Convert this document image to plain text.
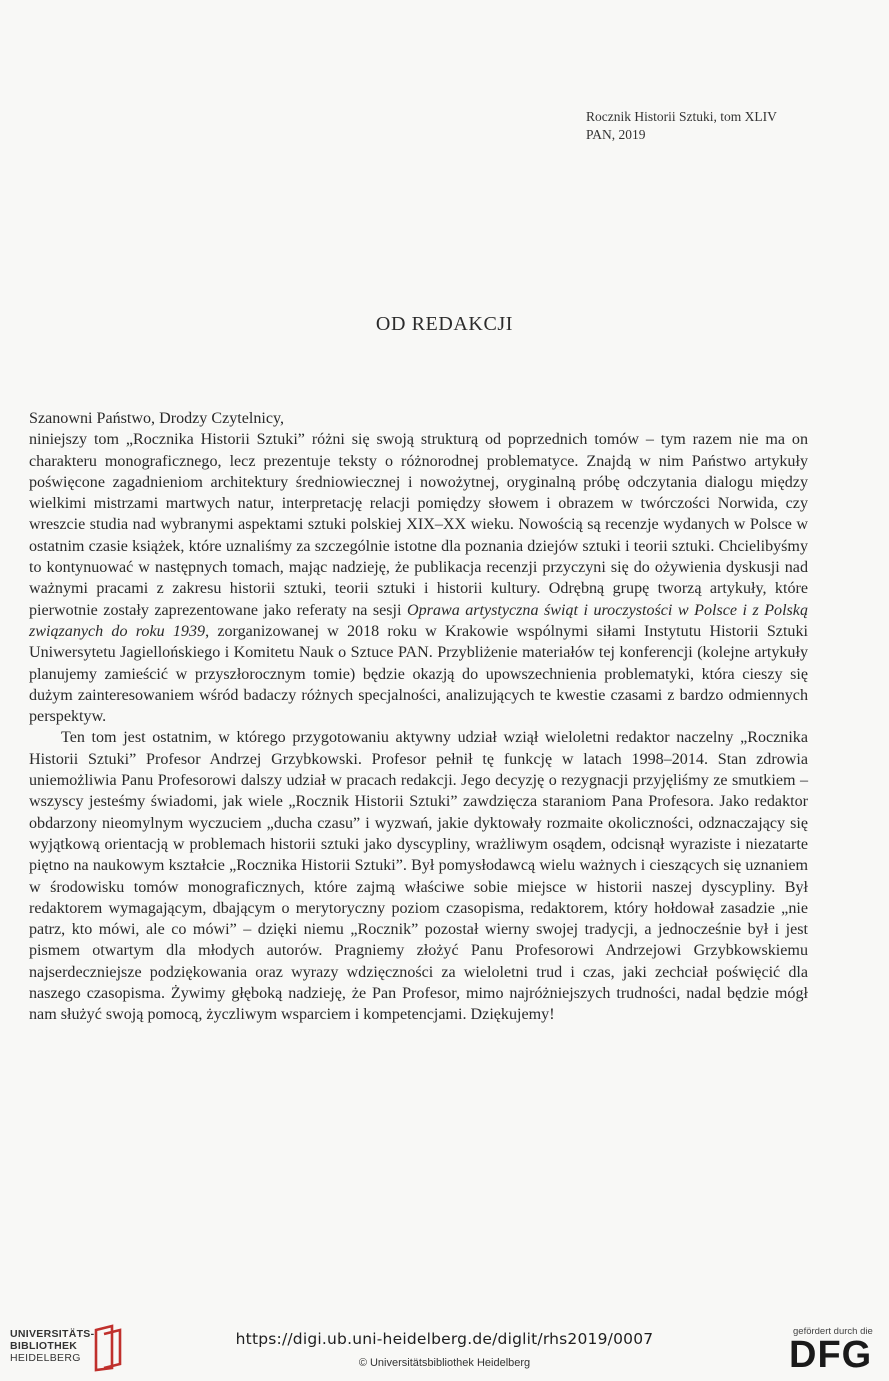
Rocznik Historii Sztuki, tom XLIV
PAN, 2019
OD REDAKCJI

Szanowni Państwo, Drodzy Czytelnicy,

niniejszy tom „Rocznika Historii Sztuki” różni się swoją strukturą od poprzednich tomów – tym razem nie ma on charakteru monograficznego, lecz prezentuje teksty o różnorodnej problematyce. Znajdą w nim Państwo artykuły poświęcone zagadnieniom architektury średniowiecznej i nowożytnej, oryginalną próbę odczytania dialogu między wielkimi mistrzami martwych natur, interpretację relacji pomiędzy słowem i obrazem w twórczości Norwida, czy wreszcie studia nad wybranymi aspektami sztuki polskiej XIX–XX wieku. Nowością są recenzje wydanych w Polsce w ostatnim czasie książek, które uznaliśmy za szczególnie istotne dla poznania dziejów sztuki i teorii sztuki. Chcielibyśmy to kontynuować w następnych tomach, mając nadzieję, że publikacja recenzji przyczyni się do ożywienia dyskusji nad ważnymi pracami z zakresu historii sztuki, teorii sztuki i historii kultury. Odrębną grupę tworzą artykuły, które pierwotnie zostały zaprezentowane jako referaty na sesji Oprawa artystyczna świąt i uroczystości w Polsce i z Polską związanych do roku 1939, zorganizowanej w 2018 roku w Krakowie wspólnymi siłami Instytutu Historii Sztuki Uniwersytetu Jagiellońskiego i Komitetu Nauk o Sztuce PAN. Przybliżenie materiałów tej konferencji (kolejne artykuły planujemy zamieścić w przyszłorocznym tomie) będzie okazją do upowszechnienia problematyki, która cieszy się dużym zainteresowaniem wśród badaczy różnych specjalności, analizujących te kwestie czasami z bardzo odmiennych perspektyw.

Ten tom jest ostatnim, w którego przygotowaniu aktywny udział wziął wieloletni redaktor naczelny „Rocznika Historii Sztuki” Profesor Andrzej Grzybkowski. Profesor pełnił tę funkcję w latach 1998–2014. Stan zdrowia uniemożliwia Panu Profesorowi dalszy udział w pracach redakcji. Jego decyzję o rezygnacji przyjęliśmy ze smutkiem – wszyscy jesteśmy świadomi, jak wiele „Rocznik Historii Sztuki” zawdzięcza staraniom Pana Profesora. Jako redaktor obdarzony nieomylnym wyczuciem „ducha czasu” i wyzwań, jakie dyktowały rozmaite okoliczności, odznaczający się wyjątkową orientacją w problemach historii sztuki jako dyscypliny, wrażliwym osądem, odcisnął wyraziste i niezatarte piętno na naukowym kształcie „Rocznika Historii Sztuki”. Był pomysłodawcą wielu ważnych i cieszących się uznaniem w środowisku tomów monograficznych, które zajmą właściwe sobie miejsce w historii naszej dyscypliny. Był redaktorem wymagającym, dbającym o merytoryczny poziom czasopisma, redaktorem, który hołdował zasadzie „nie patrz, kto mówi, ale co mówi” – dzięki niemu „Rocznik” pozostał wierny swojej tradycji, a jednocześnie był i jest pismem otwartym dla młodych autorów. Pragniemy złożyć Panu Profesorowi Andrzejowi Grzybkowskiemu najserdeczniejsze podziękowania oraz wyrazy wdzięczności za wieloletni trud i czas, jaki zechciał poświęcić dla naszego czasopisma. Żywimy głęboką nadzieję, że Pan Profesor, mimo najróżniejszych trudności, nadal będzie mógł nam służyć swoją pomocą, życzliwym wsparciem i kompetencjami. Dziękujemy!

UNIVERSITÄTS-
BIBLIOTHEK
HEIDELBERG
https://digi.ub.uni-heidelberg.de/diglit/rhs2019/0007
© Universitätsbibliothek Heidelberg
gefördert durch die
DFG
